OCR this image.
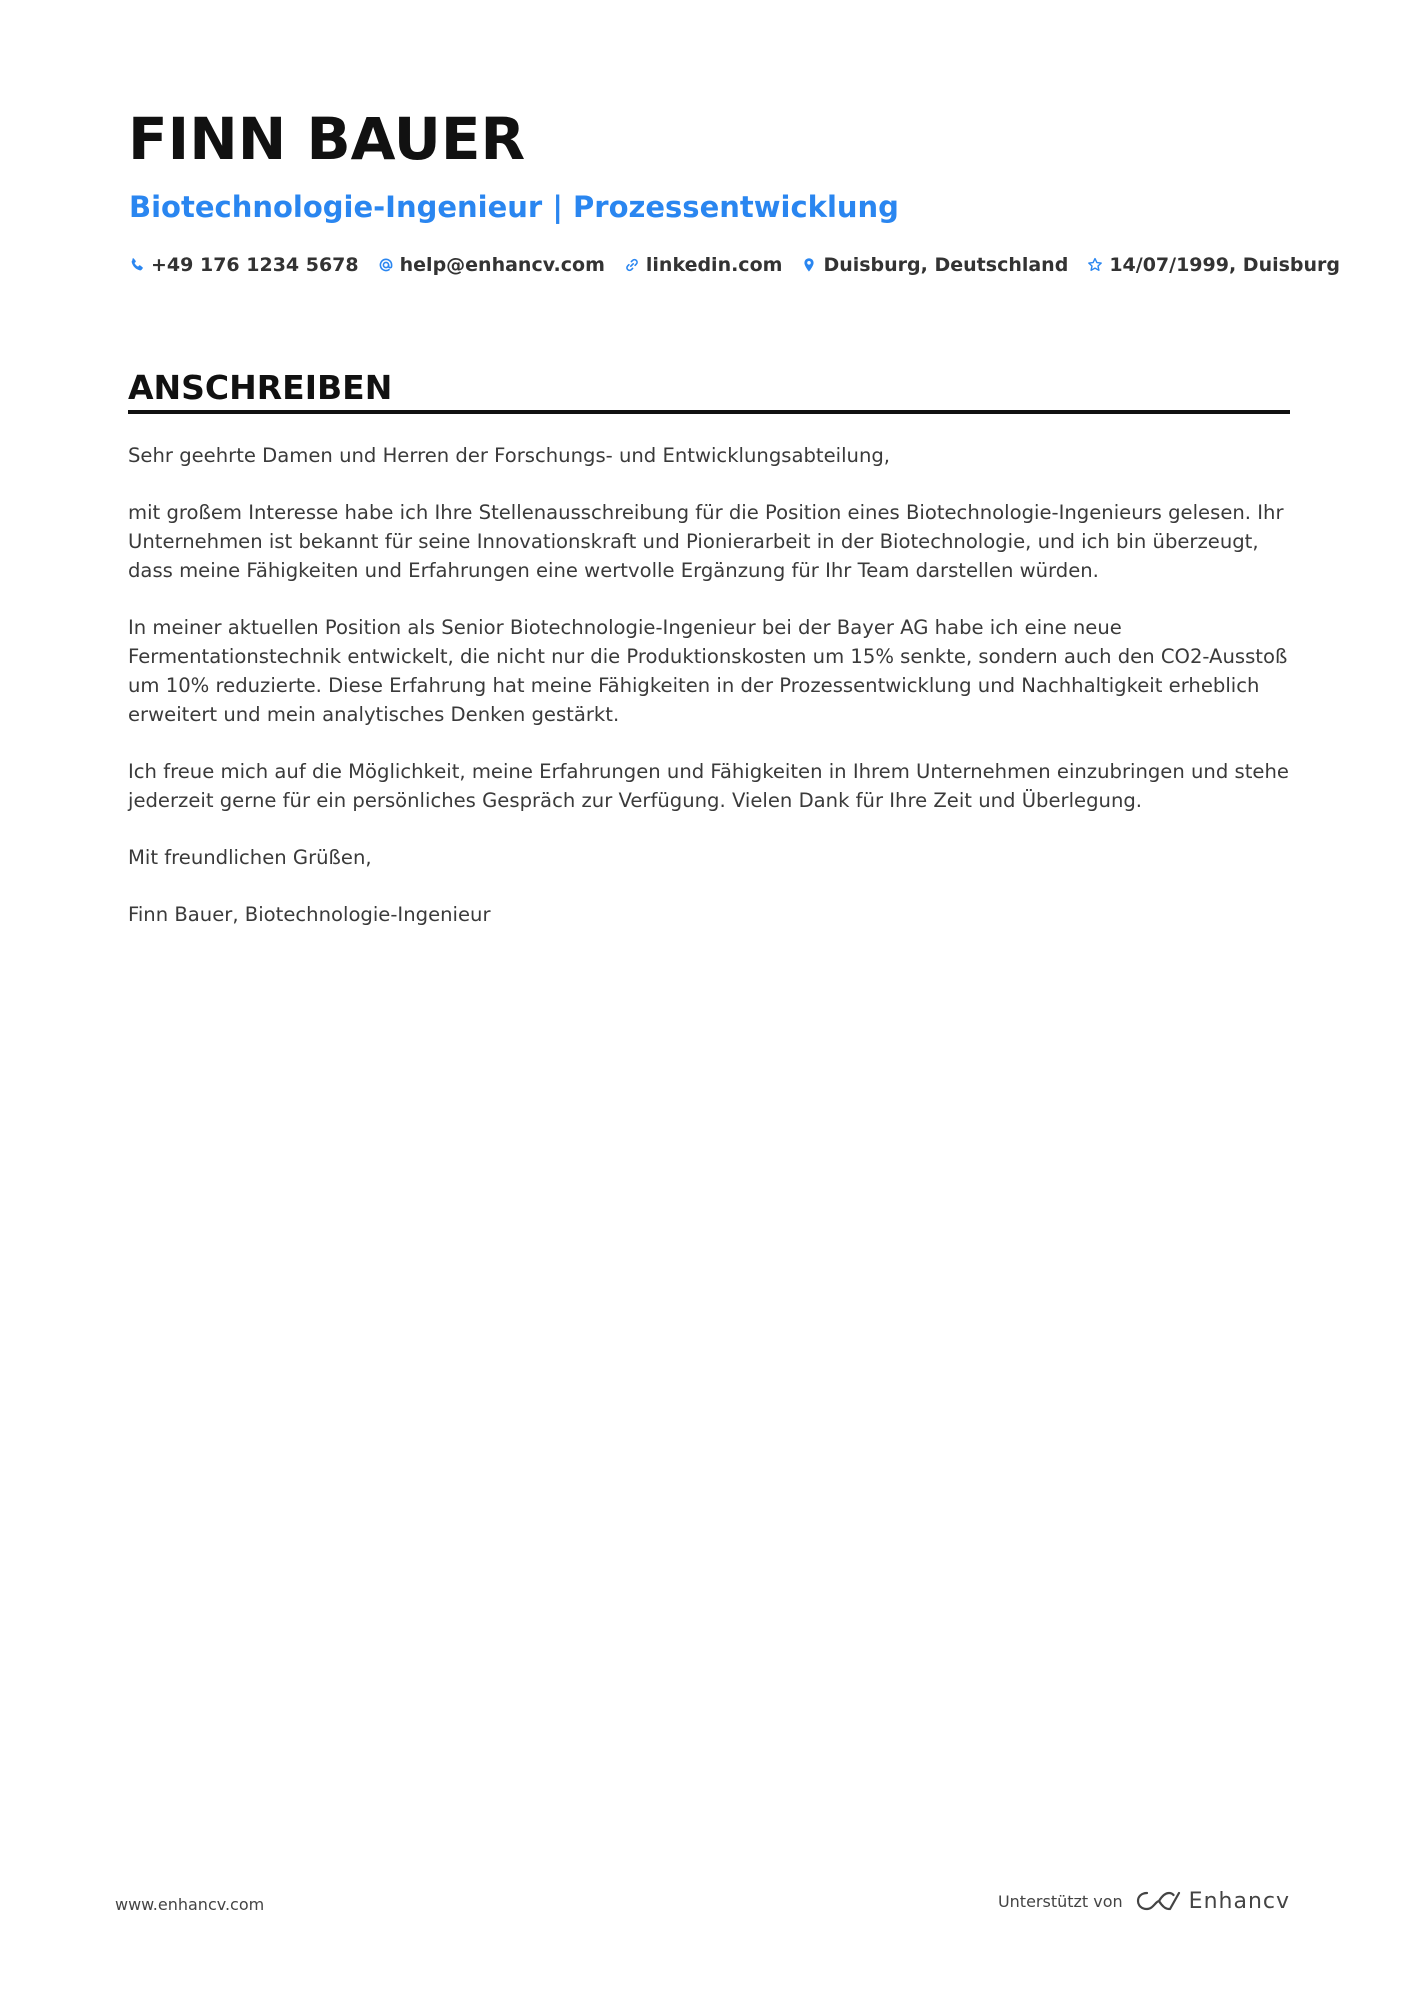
FINN BAUER
Biotechnologie-Ingenieur | Prozessentwicklung
+49 176 1234 5678 help@enhancv.com linkedin.com Duisburg, Deutschland 14/07/1999, Duisburg
ANSCHREIBEN

Sehr geehrte Damen und Herren der Forschungs- und Entwicklungsabteilung,

mit großem Interesse habe ich Ihre Stellenausschreibung für die Position eines Biotechnologie-Ingenieurs gelesen. Ihr Unternehmen ist bekannt für seine Innovationskraft und Pionierarbeit in der Biotechnologie, und ich bin überzeugt, dass meine Fähigkeiten und Erfahrungen eine wertvolle Ergänzung für Ihr Team darstellen würden.

In meiner aktuellen Position als Senior Biotechnologie-Ingenieur bei der Bayer AG habe ich eine neue Fermentationstechnik entwickelt, die nicht nur die Produktionskosten um 15% senkte, sondern auch den CO2-Ausstoß um 10% reduzierte. Diese Erfahrung hat meine Fähigkeiten in der Prozessentwicklung und Nachhaltigkeit erheblich erweitert und mein analytisches Denken gestärkt.

Ich freue mich auf die Möglichkeit, meine Erfahrungen und Fähigkeiten in Ihrem Unternehmen einzubringen und stehe jederzeit gerne für ein persönliches Gespräch zur Verfügung. Vielen Dank für Ihre Zeit und Überlegung.

Mit freundlichen Grüßen,

Finn Bauer, Biotechnologie-Ingenieur

www.enhancv.com	Unterstützt von	Enhancv
